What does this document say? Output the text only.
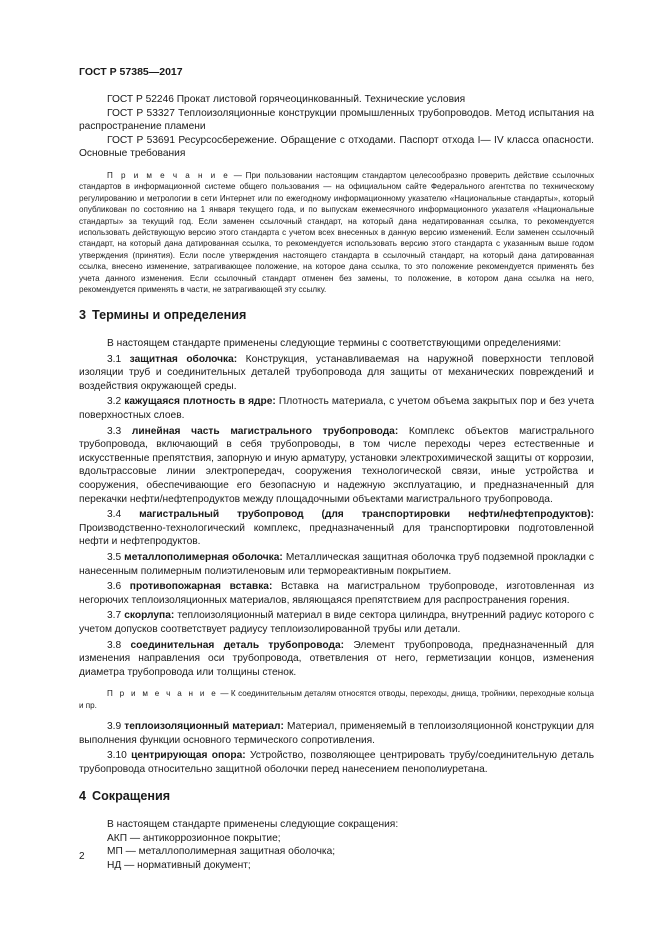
ГОСТ Р 57385—2017

ГОСТ Р 52246 Прокат листовой горячеоцинкованный. Технические условия

ГОСТ Р 53327 Теплоизоляционные конструкции промышленных трубопроводов. Метод испытания на распространение пламени

ГОСТ Р 53691 Ресурсосбережение. Обращение с отходами. Паспорт отхода I— IV класса опасности. Основные требования

П р и м е ч а н и е — При пользовании настоящим стандартом целесообразно проверить действие ссылочных стандартов в информационной системе общего пользования — на официальном сайте Федерального агентства по техническому регулированию и метрологии в сети Интернет или по ежегодному информационному указателю «Национальные стандарты», который опубликован по состоянию на 1 января текущего года, и по выпускам ежемесячного информационного указателя «Национальные стандарты» за текущий год. Если заменен ссылочный стандарт, на который дана недатированная ссылка, то рекомендуется использовать действующую версию этого стандарта с учетом всех внесенных в данную версию изменений. Если заменен ссылочный стандарт, на который дана датированная ссылка, то рекомендуется использовать версию этого стандарта с указанным выше годом утверждения (принятия). Если после утверждения настоящего стандарта в ссылочный стандарт, на который дана датированная ссылка, внесено изменение, затрагивающее положение, на которое дана ссылка, то это положение рекомендуется применять без учета данного изменения. Если ссылочный стандарт отменен без замены, то положение, в котором дана ссылка на него, рекомендуется применять в части, не затрагивающей эту ссылку.

3 Термины и определения

В настоящем стандарте применены следующие термины с соответствующими определениями:

3.1 защитная оболочка: Конструкция, устанавливаемая на наружной поверхности тепловой изоляции труб и соединительных деталей трубопровода для защиты от механических повреждений и воздействия окружающей среды.

3.2 кажущаяся плотность в ядре: Плотность материала, с учетом объема закрытых пор и без учета поверхностных слоев.

3.3 линейная часть магистрального трубопровода: Комплекс объектов магистрального трубопровода, включающий в себя трубопроводы, в том числе переходы через естественные и искусственные препятствия, запорную и иную арматуру, установки электрохимической защиты от коррозии, вдольтрассовые линии электропередач, сооружения технологической связи, иные устройства и сооружения, обеспечивающие его безопасную и надежную эксплуатацию, и предназначенный для перекачки нефти/нефтепродуктов между площадочными объектами магистрального трубопровода.

3.4 магистральный трубопровод (для транспортировки нефти/нефтепродуктов): Производственно-технологический комплекс, предназначенный для транспортировки подготовленной нефти и нефтепродуктов.

3.5 металлополимерная оболочка: Металлическая защитная оболочка труб подземной прокладки с нанесенным полимерным полиэтиленовым или термореактивным покрытием.

3.6 противопожарная вставка: Вставка на магистральном трубопроводе, изготовленная из негорючих теплоизоляционных материалов, являющаяся препятствием для распространения горения.

3.7 скорлупа: теплоизоляционный материал в виде сектора цилиндра, внутренний радиус которого с учетом допусков соответствует радиусу теплоизолированной трубы или детали.

3.8 соединительная деталь трубопровода: Элемент трубопровода, предназначенный для изменения направления оси трубопровода, ответвления от него, герметизации концов, изменения диаметра трубопровода или толщины стенок.

П р и м е ч а н и е — К соединительным деталям относятся отводы, переходы, днища, тройники, переходные кольца и пр.

3.9 теплоизоляционный материал: Материал, применяемый в теплоизоляционной конструкции для выполнения функции основного термического сопротивления.

3.10 центрирующая опора: Устройство, позволяющее центрировать трубу/соединительную деталь трубопровода относительно защитной оболочки перед нанесением пенополиуретана.

4 Сокращения

В настоящем стандарте применены следующие сокращения:

АКП — антикоррозионное покрытие;

МП — металлополимерная защитная оболочка;

НД — нормативный документ;

2
